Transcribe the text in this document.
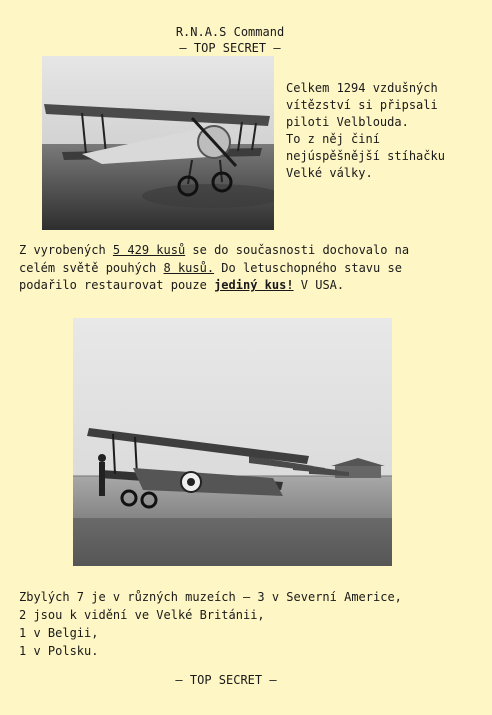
R.N.A.S Command
– TOP SECRET –
Celkem 1294 vzdušných
vítězství si připsali
piloti Velblouda.
To z něj činí
nejúspěšnější stíhačku
Velké války.
Z vyrobených 5 429 kusů se do současnosti dochovalo na
celém světě pouhých 8 kusů. Do letuschopného stavu se
podařilo restaurovat pouze jediný kus! V USA.
Zbylých 7 je v různých muzeích – 3 v Severní Americe,
2 jsou k vidění ve Velké Británii,
1 v Belgii,
1 v Polsku.
– TOP SECRET –
